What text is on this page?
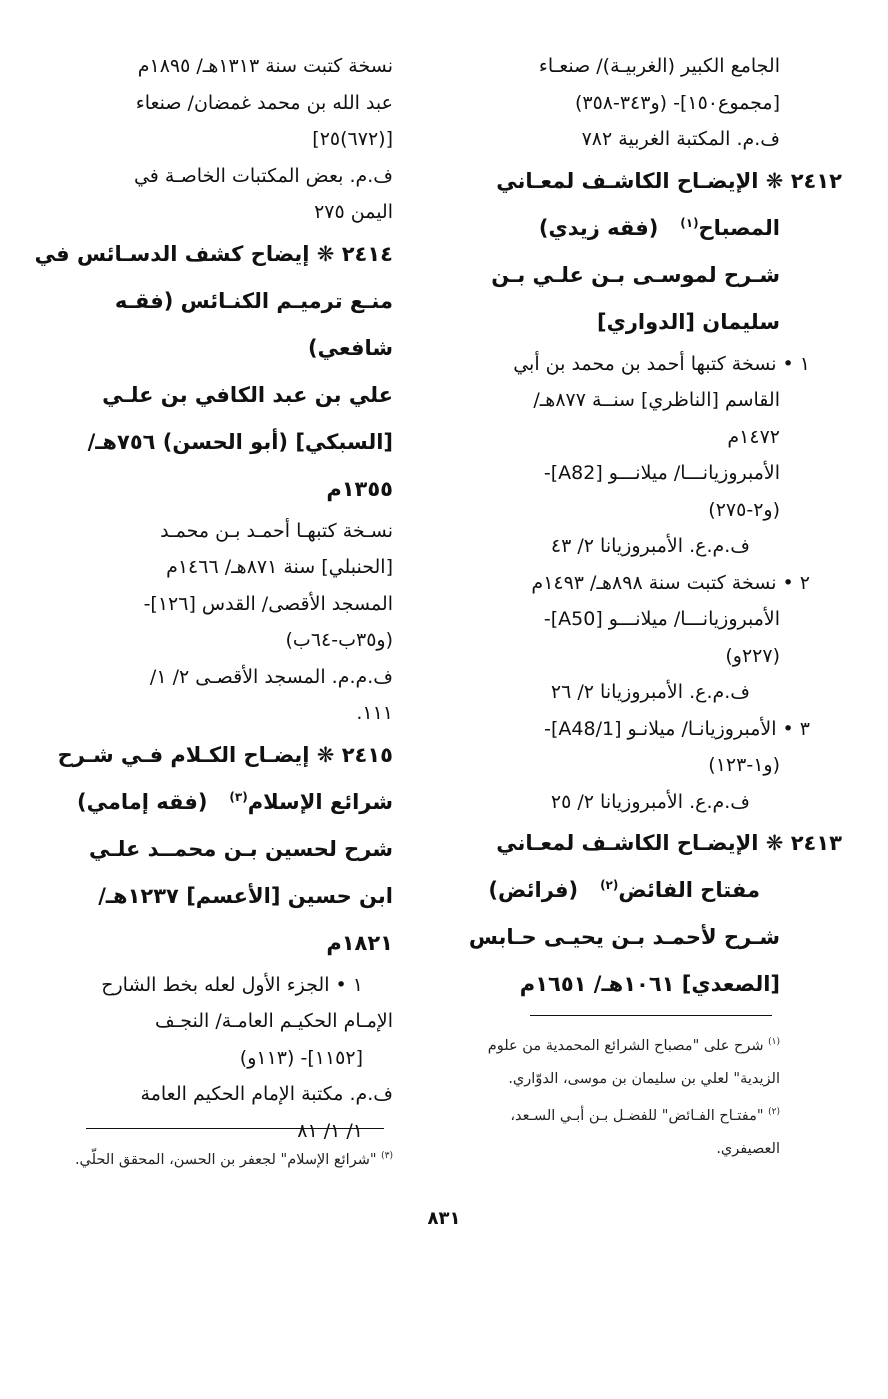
الجامع الكبير (الغربيـة)/ صنعـاء
[مجموع١٥٠]- (و٣٤٣-٣٥٨)
ف.م. المكتبة الغربية ٧٨٢
٢٤١٢ ❋ الإيضـاح الكاشـف لمعـاني
المصباح$^{(١)}$   (فقه زيدي)
شـرح لموسـى بـن علـي بـن
سليمان [الدواري]
١ • نسخة كتبها أحمد بن محمد بن أبي
القاسم [الناظري] سنــة ٨٧٧هـ/
١٤٧٢م
الأمبروزيانـــا/ ميلانـــو [A82]-
(و٢-٢٧٥)
ف.م.ع. الأمبروزيانا ٢/ ٤٣
٢ • نسخة كتبت سنة ٨٩٨هـ/ ١٤٩٣م
الأمبروزيانـــا/ ميلانـــو [A50]-
(٢٢٧و)
ف.م.ع. الأمبروزيانا ٢/ ٢٦
٣ • الأمبروزيانـا/ ميلانـو [A48/1]-
(و١-١٢٣)
ف.م.ع. الأمبروزيانا ٢/ ٢٥
٢٤١٣ ❋ الإيضـاح الكاشـف لمعـاني
مفتاح الفائض$^{(٢)}$   (فرائض)
شـرح لأحمـد بـن يحيـى حـابس
[الصعدي] ١٠٦١هـ/ ١٦٥١م
نسخة كتبت سنة ١٣١٣هـ/ ١٨٩٥م
عبد الله بن محمد غمضان/ صنعاء
[(٦٧٢)٢٥]
ف.م. بعض المكتبات الخاصـة في
اليمن ٢٧٥
٢٤١٤ ❋ إيضاح كشف الدسـائس في
منـع ترميـم الكنـائس (فقـه
شافعي)
علي بن عبد الكافي بن علـي
[السبكي] (أبو الحسن) ٧٥٦هـ/
١٣٥٥م
نسـخة كتبهـا أحمـد بـن محمـد
[الحنبلي] سنة ٨٧١هـ/ ١٤٦٦م
المسجد الأقصى/ القدس [١٢٦]-
(و٣٥ب-٦٤ب)
ف.م.م. المسجد الأقصـى ٢/ ١/
١١١.
٢٤١٥ ❋ إيضـاح الكـلام فـي شـرح
شرائع الإسلام$^{(٣)}$   (فقه إمامي)
شرح لحسين بـن محمــد علـي
ابن حسين [الأعسم] ١٢٣٧هـ/
١٨٢١م
١ • الجزء الأول لعله بخط الشارح
الإمـام الحكيـم العامـة/ النجـف
[١١٥٢]- (١١٣و)
ف.م. مكتبة الإمام الحكيم العامة
١/ ١/ ٨١
$^{(١)}$ شرح على "مصباح الشرائع المحمدية من علوم
الزيدية" لعلي بن سليمان بن موسى، الدوّاري.
$^{(٢)}$ "مفتـاح الفـائض" للفضـل بـن أبـي السـعد،
العصيفري.
$^{(٣)}$ "شرائع الإسلام" لجعفر بن الحسن، المحقق الحلّي.
٨٣١
